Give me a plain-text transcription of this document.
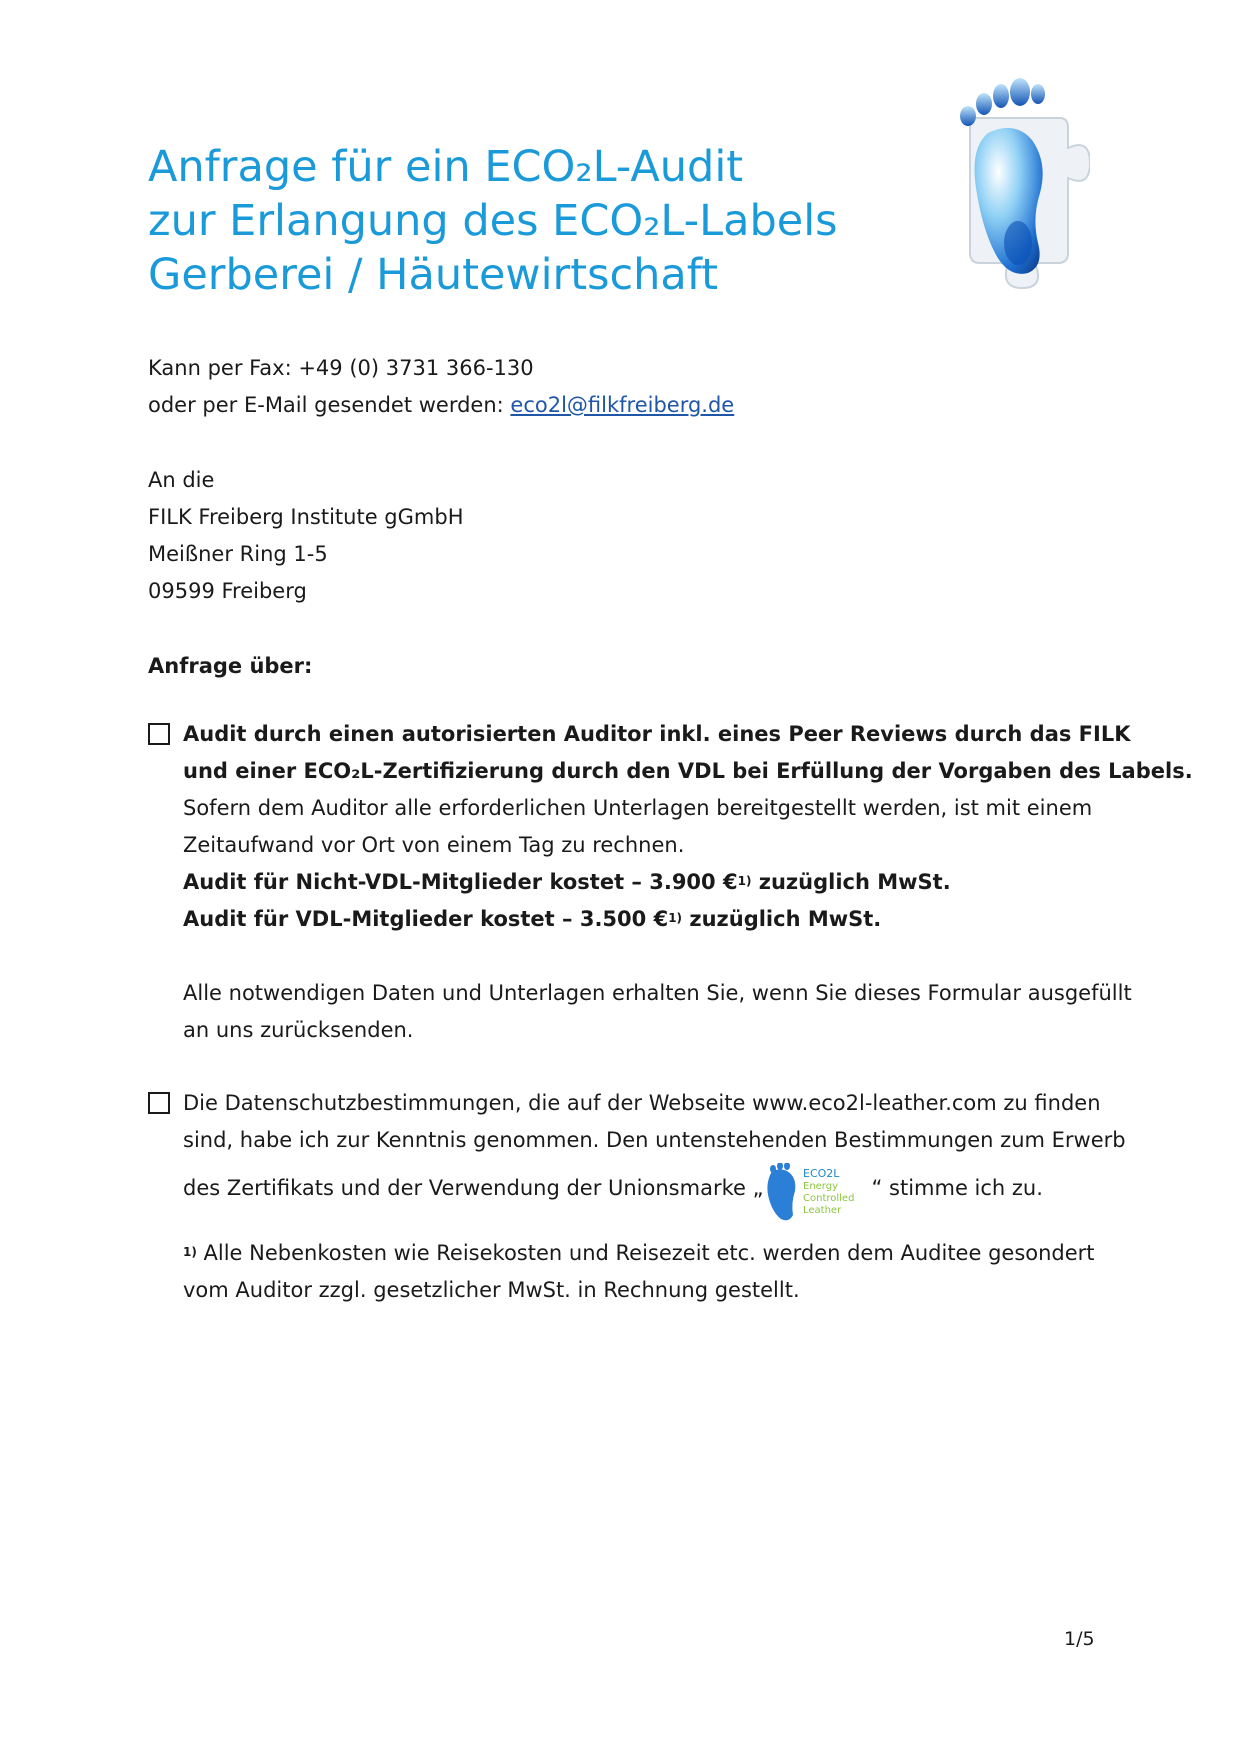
Anfrage für ein ECO₂L-Audit
zur Erlangung des ECO₂L-Labels
Gerberei / Häutewirtschaft
Kann per Fax: +49 (0) 3731 366-130
oder per E-Mail gesendet werden: eco2l@filkfreiberg.de
An die
FILK Freiberg Institute gGmbH
Meißner Ring 1-5
09599 Freiberg
Anfrage über:
Audit durch einen autorisierten Auditor inkl. eines Peer Reviews durch das FILK
und einer ECO₂L-Zertifizierung durch den VDL bei Erfüllung der Vorgaben des Labels.
Sofern dem Auditor alle erforderlichen Unterlagen bereitgestellt werden, ist mit einem
Zeitaufwand vor Ort von einem Tag zu rechnen.
Audit für Nicht-VDL-Mitglieder kostet – 3.900 €$^{1)}$ zuzüglich MwSt.
Audit für VDL-Mitglieder kostet – 3.500 €$^{1)}$ zuzüglich MwSt.
Alle notwendigen Daten und Unterlagen erhalten Sie, wenn Sie dieses Formular ausgefüllt
an uns zurücksenden.
Die Datenschutzbestimmungen, die auf der Webseite www.eco2l-leather.com zu finden
sind, habe ich zur Kenntnis genommen. Den untenstehenden Bestimmungen zum Erwerb
des Zertifikats und der Verwendung der Unionsmarke „
ECO2L
Energy
Controlled
Leather
“ stimme ich zu.
$^{1)}$ Alle Nebenkosten wie Reisekosten und Reisezeit etc. werden dem Auditee gesondert
vom Auditor zzgl. gesetzlicher MwSt. in Rechnung gestellt.
1/5
